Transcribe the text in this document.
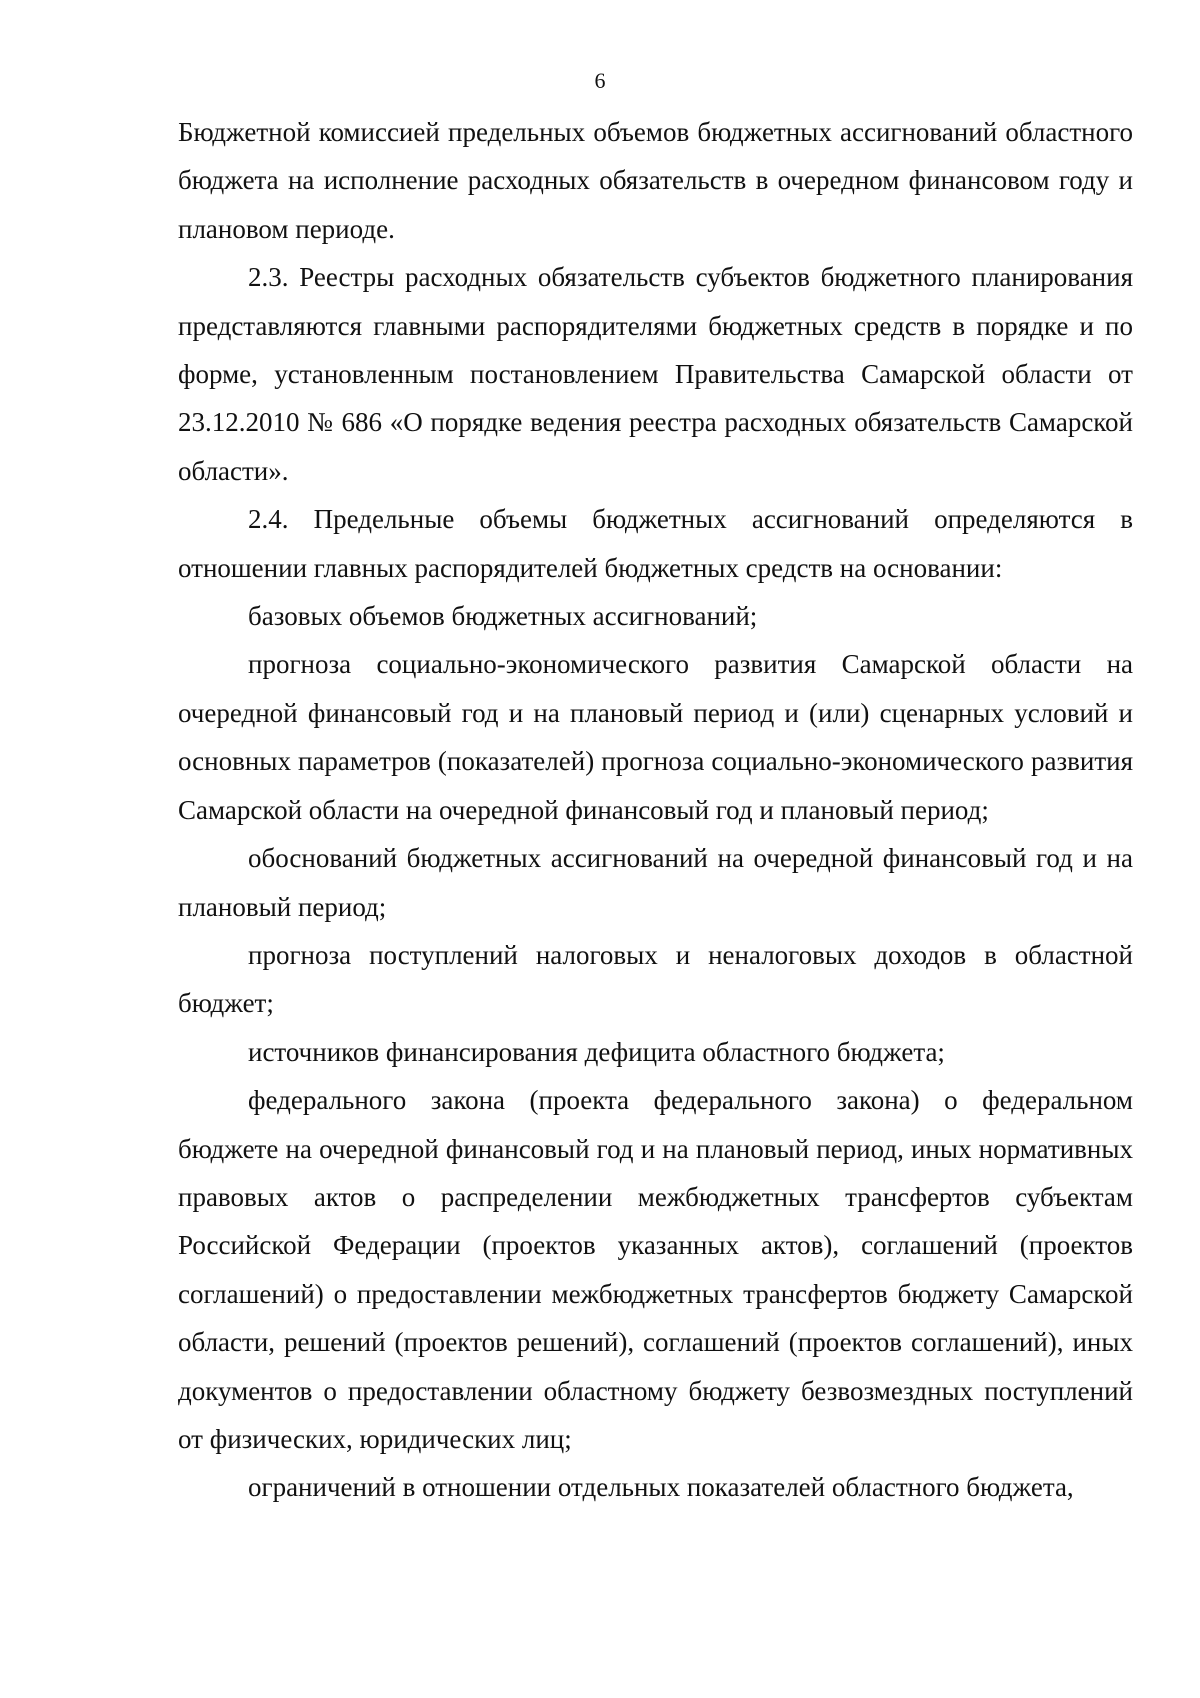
6

Бюджетной комиссией предельных объемов бюджетных ассигнований областного бюджета на исполнение расходных обязательств в очередном финансовом году и плановом периоде.

2.3. Реестры расходных обязательств субъектов бюджетного планирования представляются главными распорядителями бюджетных средств в порядке и по форме, установленным постановлением Правительства Самарской области от 23.12.2010 № 686 «О порядке ведения реестра расходных обязательств Самарской области».

2.4. Предельные объемы бюджетных ассигнований определяются в отношении главных распорядителей бюджетных средств на основании:

базовых объемов бюджетных ассигнований;

прогноза социально-экономического развития Самарской области на очередной финансовый год и на плановый период и (или) сценарных условий и основных параметров (показателей) прогноза социально-экономического развития Самарской области на очередной финансовый год и плановый период;

обоснований бюджетных ассигнований на очередной финансовый год и на плановый период;

прогноза поступлений налоговых и неналоговых доходов в областной бюджет;

источников финансирования дефицита областного бюджета;

федерального закона (проекта федерального закона) о федеральном бюджете на очередной финансовый год и на плановый период, иных нормативных правовых актов о распределении межбюджетных трансфертов субъектам Российской Федерации (проектов указанных актов), соглашений (проектов соглашений) о предоставлении межбюджетных трансфертов бюджету Самарской области, решений (проектов решений), соглашений (проектов соглашений), иных документов о предоставлении областному бюджету безвозмездных поступлений от физических, юридических лиц;

ограничений в отношении отдельных показателей областного бюджета,
